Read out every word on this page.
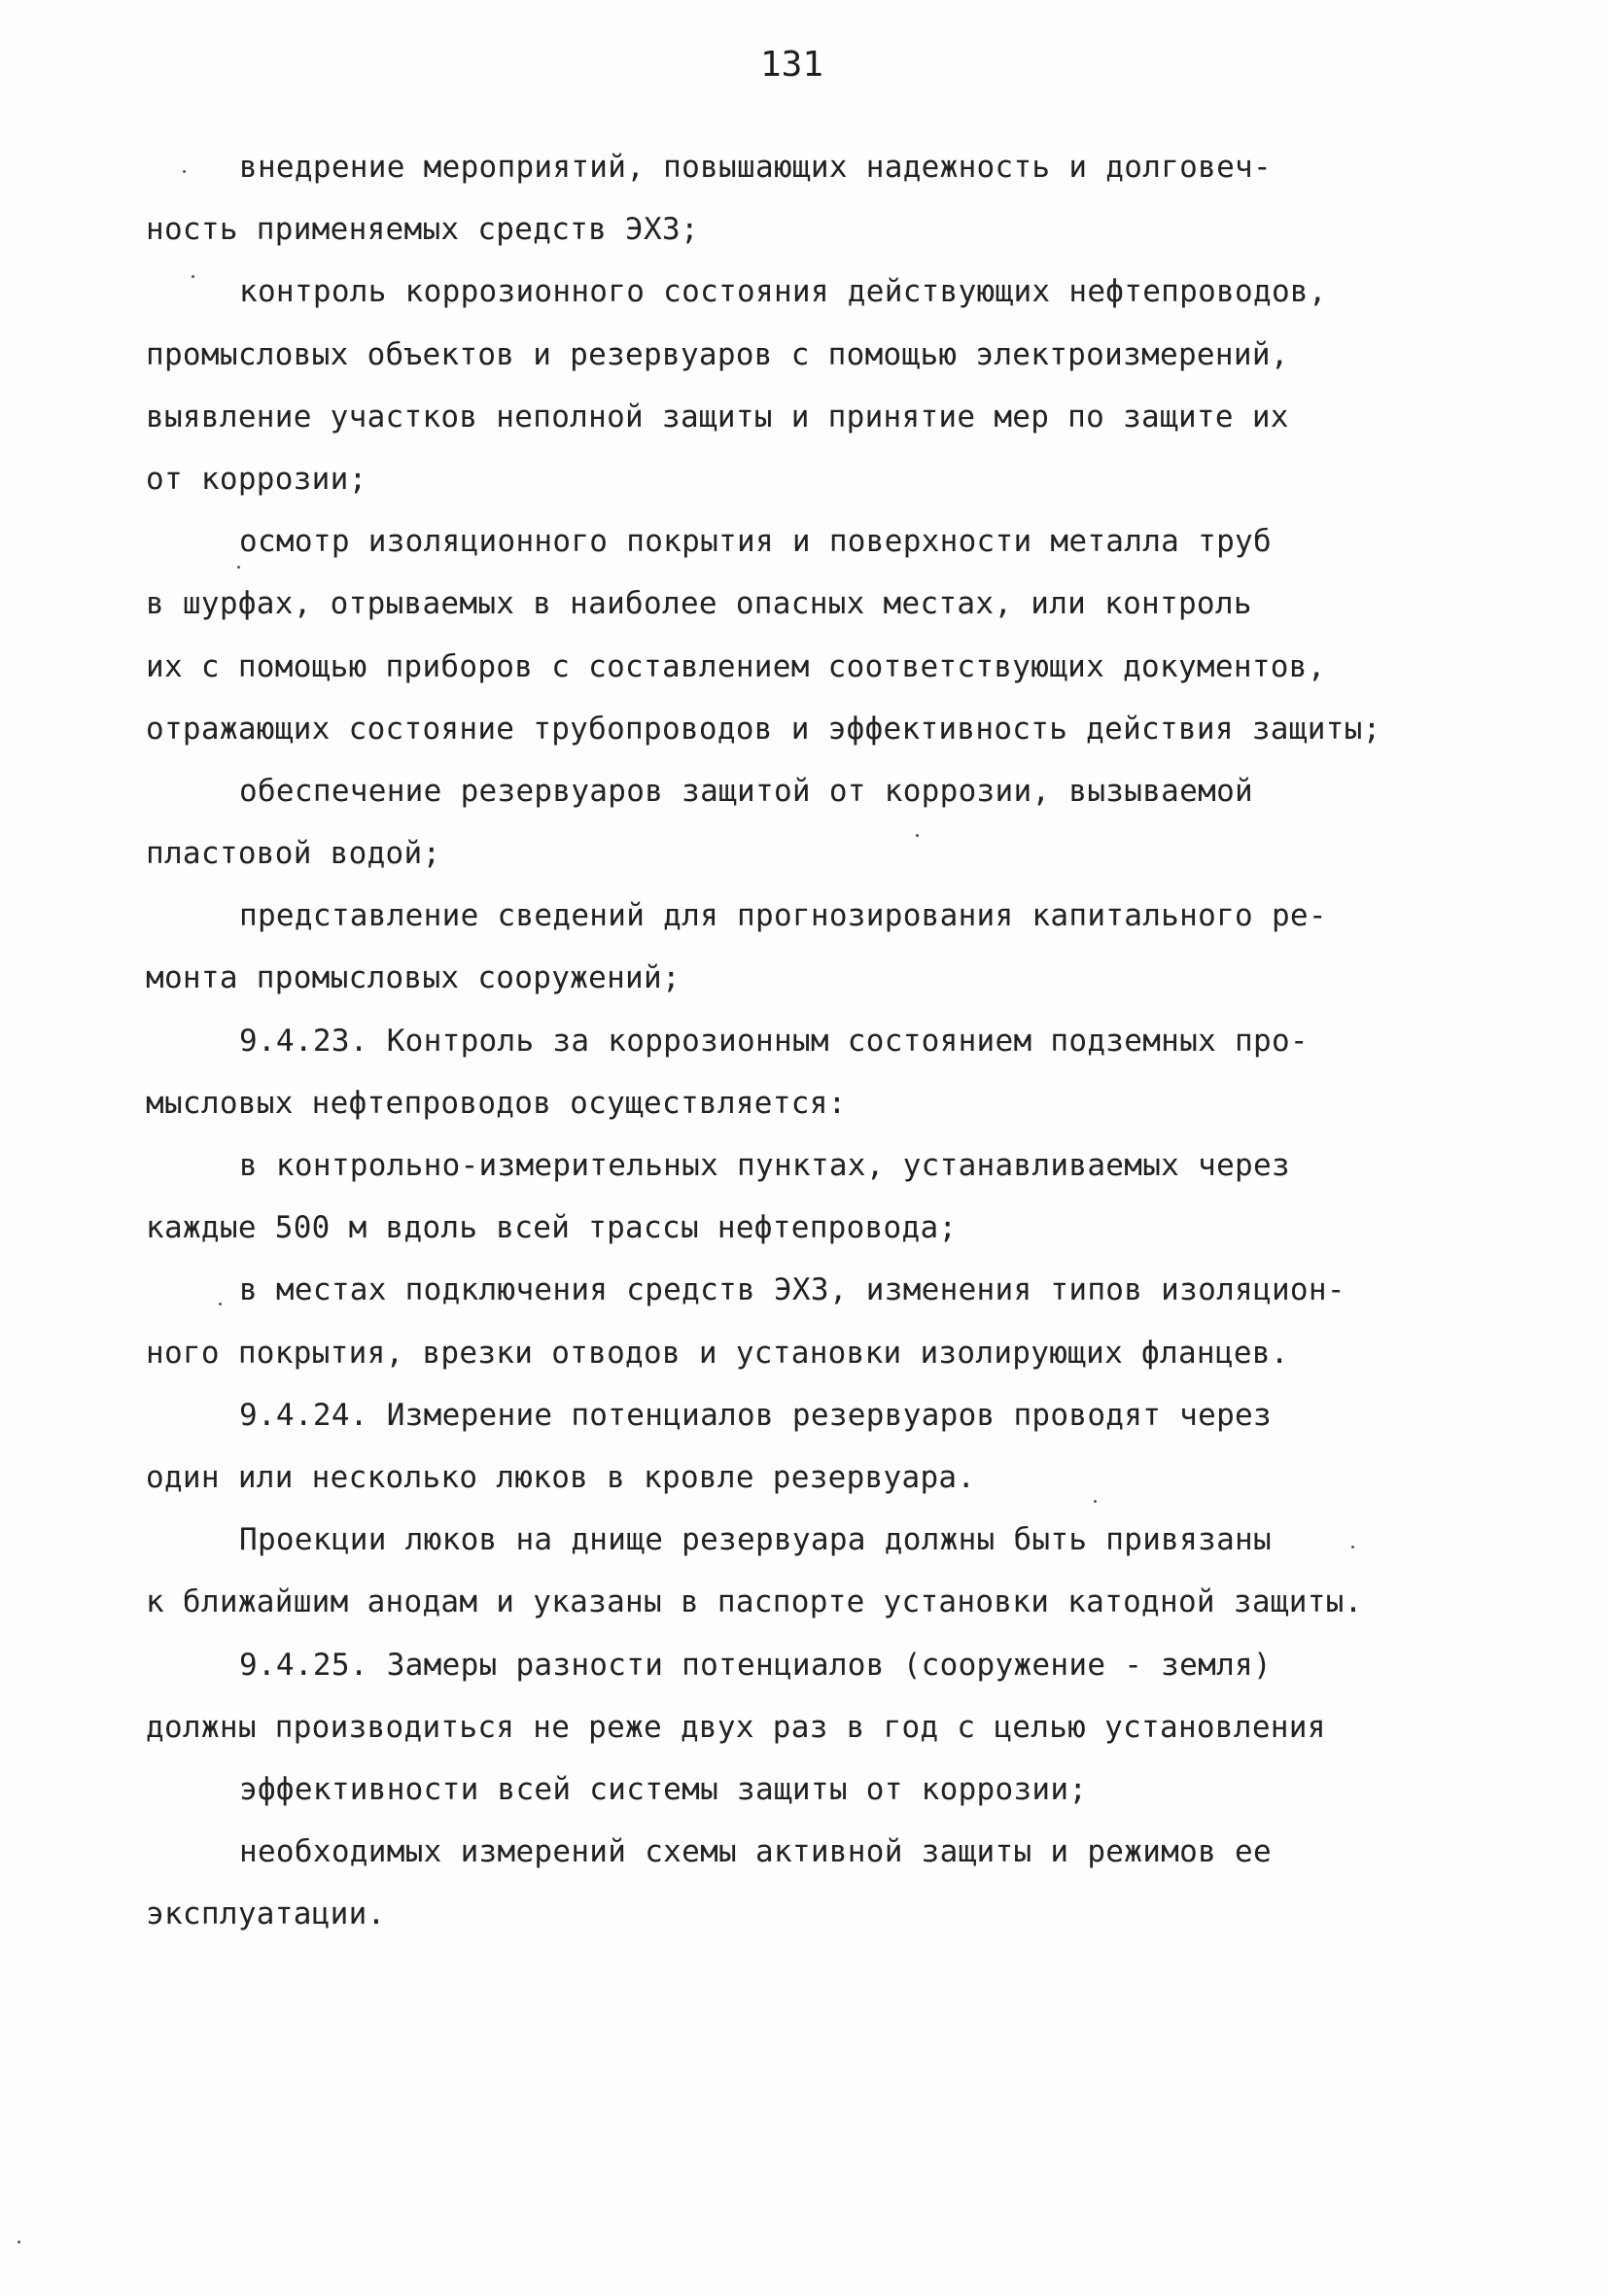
131
внедрение мероприятий, повышающих надежность и долговеч-
ность применяемых средств ЭХЗ;
контроль коррозионного состояния действующих нефтепроводов,
промысловых объектов и резервуаров с помощью электроизмерений,
выявление участков неполной защиты и принятие мер по защите их
от коррозии;
осмотр изоляционного покрытия и поверхности металла труб
в шурфах, отрываемых в наиболее опасных местах, или контроль
их с помощью приборов с составлением соответствующих документов,
отражающих состояние трубопроводов и эффективность действия защиты;
обеспечение резервуаров защитой от коррозии, вызываемой
пластовой водой;
представление сведений для прогнозирования капитального ре-
монта промысловых сооружений;
9.4.23. Контроль за коррозионным состоянием подземных про-
мысловых нефтепроводов осуществляется:
в контрольно-измерительных пунктах, устанавливаемых через
каждые 500 м вдоль всей трассы нефтепровода;
в местах подключения средств ЭХЗ, изменения типов изоляцион-
ного покрытия, врезки отводов и установки изолирующих фланцев.
9.4.24. Измерение потенциалов резервуаров проводят через
один или несколько люков в кровле резервуара.
Проекции люков на днище резервуара должны быть привязаны
к ближайшим анодам и указаны в паспорте установки катодной защиты.
9.4.25. Замеры разности потенциалов (сооружение - земля)
должны производиться не реже двух раз в год с целью установления
эффективности всей системы защиты от коррозии;
необходимых измерений схемы активной защиты и режимов ее
эксплуатации.
